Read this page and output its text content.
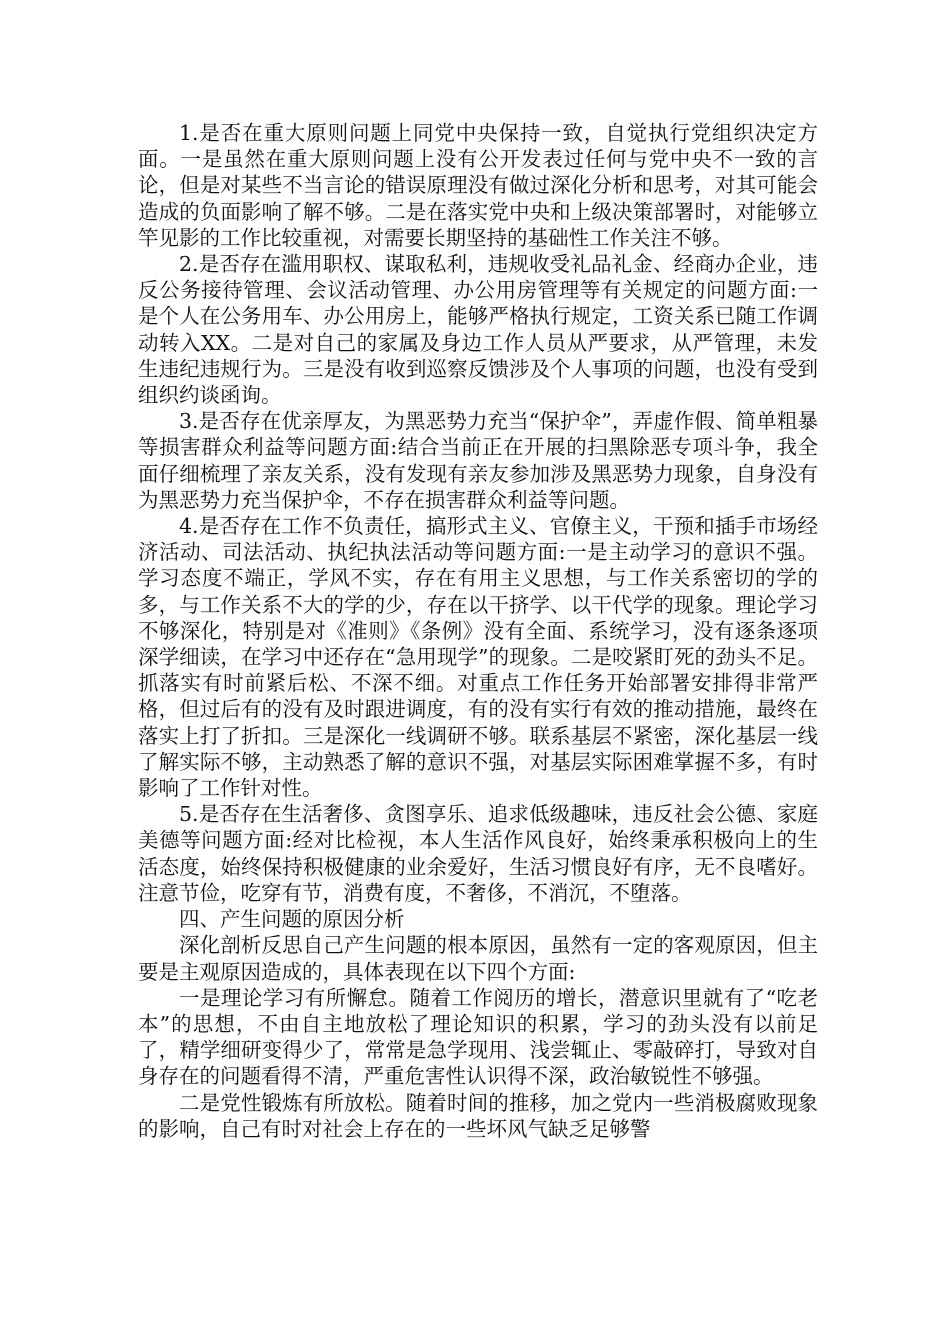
1.是否在重大原则问题上同党中央保持一致，自觉执行党组织决定方面。一是虽然在重大原则问题上没有公开发表过任何与党中央不一致的言论，但是对某些不当言论的错误原理没有做过深化分析和思考，对其可能会造成的负面影响了解不够。二是在落实党中央和上级决策部署时，对能够立竿见影的工作比较重视，对需要长期坚持的基础性工作关注不够。

2.是否存在滥用职权、谋取私利，违规收受礼品礼金、经商办企业，违反公务接待管理、会议活动管理、办公用房管理等有关规定的问题方面:一是个人在公务用车、办公用房上，能够严格执行规定，工资关系已随工作调动转入XX。二是对自己的家属及身边工作人员从严要求，从严管理，未发生违纪违规行为。三是没有收到巡察反馈涉及个人事项的问题，也没有受到组织约谈函询。

3.是否存在优亲厚友，为黑恶势力充当“保护伞”，弄虚作假、简单粗暴等损害群众利益等问题方面:结合当前正在开展的扫黑除恶专项斗争，我全面仔细梳理了亲友关系，没有发现有亲友参加涉及黑恶势力现象，自身没有为黑恶势力充当保护伞，不存在损害群众利益等问题。

4.是否存在工作不负责任，搞形式主义、官僚主义，干预和插手市场经济活动、司法活动、执纪执法活动等问题方面:一是主动学习的意识不强。学习态度不端正，学风不实，存在有用主义思想，与工作关系密切的学的多，与工作关系不大的学的少，存在以干挤学、以干代学的现象。理论学习不够深化，特别是对《准则》《条例》没有全面、系统学习，没有逐条逐项深学细读，在学习中还存在“急用现学”的现象。二是咬紧盯死的劲头不足。抓落实有时前紧后松、不深不细。对重点工作任务开始部署安排得非常严格，但过后有的没有及时跟进调度，有的没有实行有效的推动措施，最终在落实上打了折扣。三是深化一线调研不够。联系基层不紧密，深化基层一线了解实际不够，主动熟悉了解的意识不强，对基层实际困难掌握不多，有时影响了工作针对性。

5.是否存在生活奢侈、贪图享乐、追求低级趣味，违反社会公德、家庭美德等问题方面:经对比检视，本人生活作风良好，始终秉承积极向上的生活态度，始终保持积极健康的业余爱好，生活习惯良好有序，无不良嗜好。注意节俭，吃穿有节，消费有度，不奢侈，不消沉，不堕落。

四、产生问题的原因分析

深化剖析反思自己产生问题的根本原因，虽然有一定的客观原因，但主要是主观原因造成的，具体表现在以下四个方面:

一是理论学习有所懈怠。随着工作阅历的增长，潜意识里就有了“吃老本”的思想，不由自主地放松了理论知识的积累，学习的劲头没有以前足了，精学细研变得少了，常常是急学现用、浅尝辄止、零敲碎打，导致对自身存在的问题看得不清，严重危害性认识得不深，政治敏锐性不够强。

二是党性锻炼有所放松。随着时间的推移，加之党内一些消极腐败现象的影响，自己有时对社会上存在的一些坏风气缺乏足够警
